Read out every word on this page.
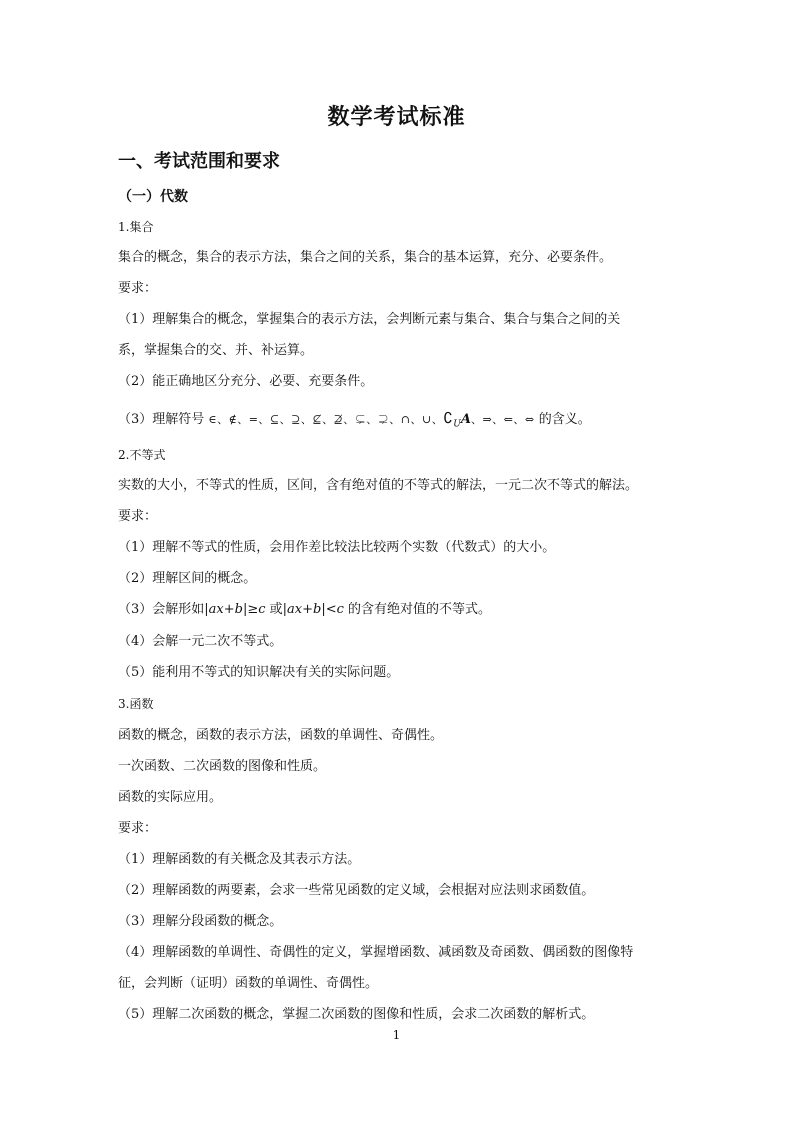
数学考试标准
一、考试范围和要求
（一）代数
1.集合
集合的概念，集合的表示方法，集合之间的关系，集合的基本运算，充分、必要条件。
要求：
（1）理解集合的概念，掌握集合的表示方法，会判断元素与集合、集合与集合之间的关
系，掌握集合的交、并、补运算。
（2）能正确地区分充分、必要、充要条件。
（3）理解符号 ∈、∉、=、⊆、⊇、⊈、⊉、⊊、⊋、∩、∪、$∁_UA$、⇒、⇐、⇔ 的含义。
2.不等式
实数的大小，不等式的性质，区间，含有绝对值的不等式的解法，一元二次不等式的解法。
要求：
（1）理解不等式的性质，会用作差比较法比较两个实数（代数式）的大小。
（2）理解区间的概念。
（3）会解形如|ax+b|≥c 或|ax+b|<c 的含有绝对值的不等式。
（4）会解一元二次不等式。
（5）能利用不等式的知识解决有关的实际问题。
3.函数
函数的概念，函数的表示方法，函数的单调性、奇偶性。
一次函数、二次函数的图像和性质。
函数的实际应用。
要求：
（1）理解函数的有关概念及其表示方法。
（2）理解函数的两要素，会求一些常见函数的定义域，会根据对应法则求函数值。
（3）理解分段函数的概念。
（4）理解函数的单调性、奇偶性的定义，掌握增函数、减函数及奇函数、偶函数的图像特
征，会判断（证明）函数的单调性、奇偶性。
（5）理解二次函数的概念，掌握二次函数的图像和性质，会求二次函数的解析式。
1
